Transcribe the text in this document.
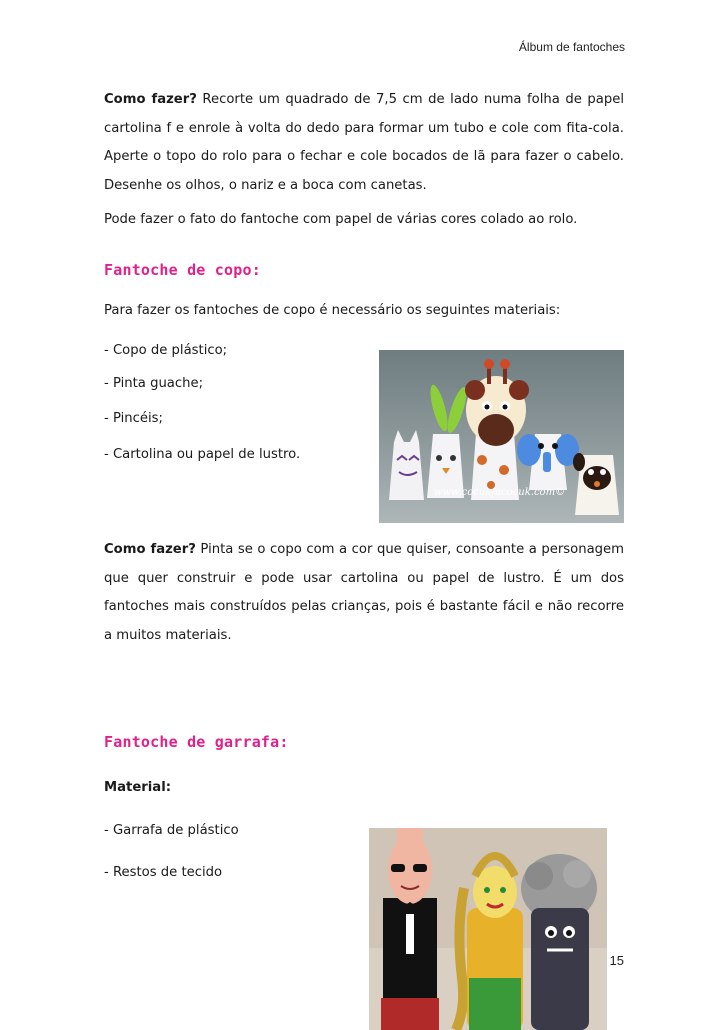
Álbum de fantoches
Como fazer? Recorte um quadrado de 7,5 cm de lado numa folha de papel cartolina f e enrole à volta do dedo para formar um tubo e cole com fita-cola. Aperte o topo do rolo para o fechar e cole bocados de lã para fazer o cabelo. Desenhe os olhos, o nariz e a boca com canetas.
Pode fazer o fato do fantoche com papel de várias cores colado ao rolo.
Fantoche de copo:
Para fazer os fantoches de copo é necessário os seguintes materiais:
- Copo de plástico;
- Pinta guache;
- Pincéis;
- Cartolina ou papel de lustro.
www.cocukfacocuk.com©
Como fazer? Pinta se o copo com a cor que quiser, consoante a personagem que quer construir e pode usar cartolina ou papel de lustro. É um dos fantoches mais construídos pelas crianças, pois é bastante fácil e não recorre a muitos materiais.
Fantoche de garrafa:
Material:
- Garrafa de plástico
- Restos de tecido
15
